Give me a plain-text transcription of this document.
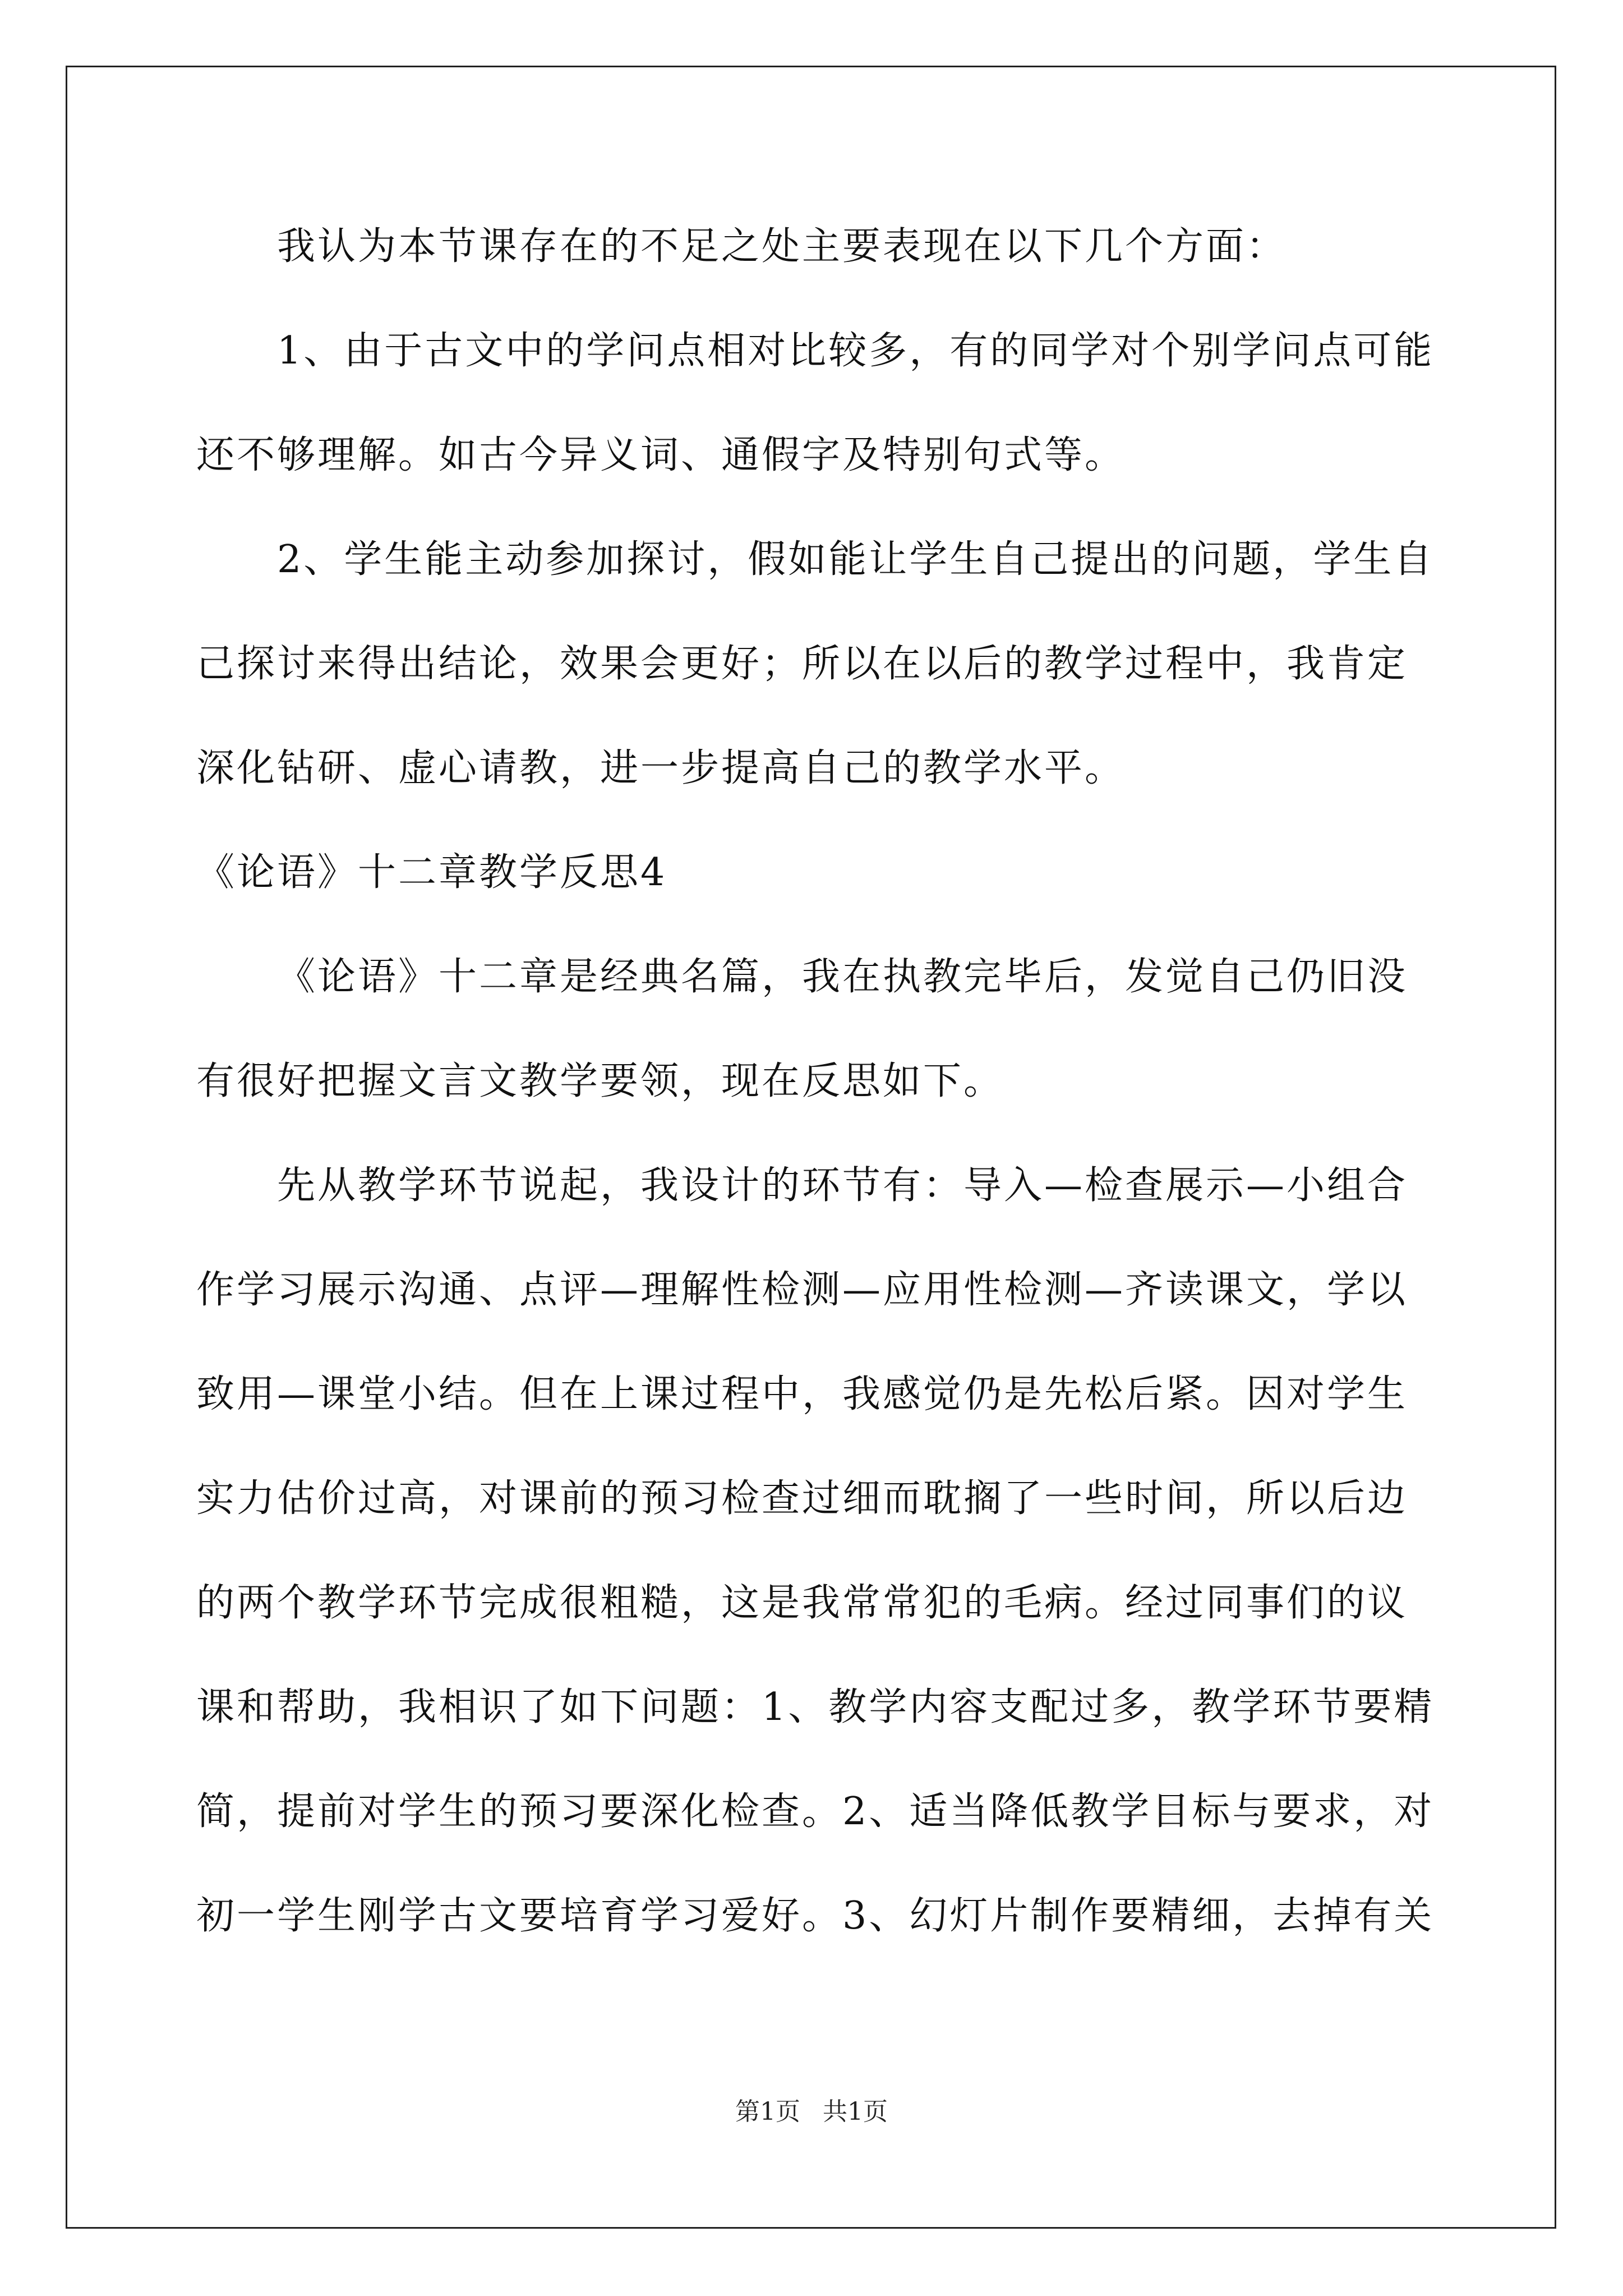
我认为本节课存在的不足之处主要表现在以下几个方面：
1、由于古文中的学问点相对比较多，有的同学对个别学问点可能
还不够理解。如古今异义词、通假字及特别句式等。
2、学生能主动参加探讨，假如能让学生自己提出的问题，学生自
己探讨来得出结论，效果会更好；所以在以后的教学过程中，我肯定
深化钻研、虚心请教，进一步提高自己的教学水平。
《论语》十二章教学反思4
《论语》十二章是经典名篇，我在执教完毕后，发觉自己仍旧没
有很好把握文言文教学要领，现在反思如下。
先从教学环节说起，我设计的环节有：导入—检查展示—小组合
作学习展示沟通、点评—理解性检测—应用性检测—齐读课文，学以
致用—课堂小结。但在上课过程中，我感觉仍是先松后紧。因对学生
实力估价过高，对课前的预习检查过细而耽搁了一些时间，所以后边
的两个教学环节完成很粗糙，这是我常常犯的毛病。经过同事们的议
课和帮助，我相识了如下问题：1、教学内容支配过多，教学环节要精
简，提前对学生的预习要深化检查。2、适当降低教学目标与要求，对
初一学生刚学古文要培育学习爱好。3、幻灯片制作要精细，去掉有关
第1页 共1页
